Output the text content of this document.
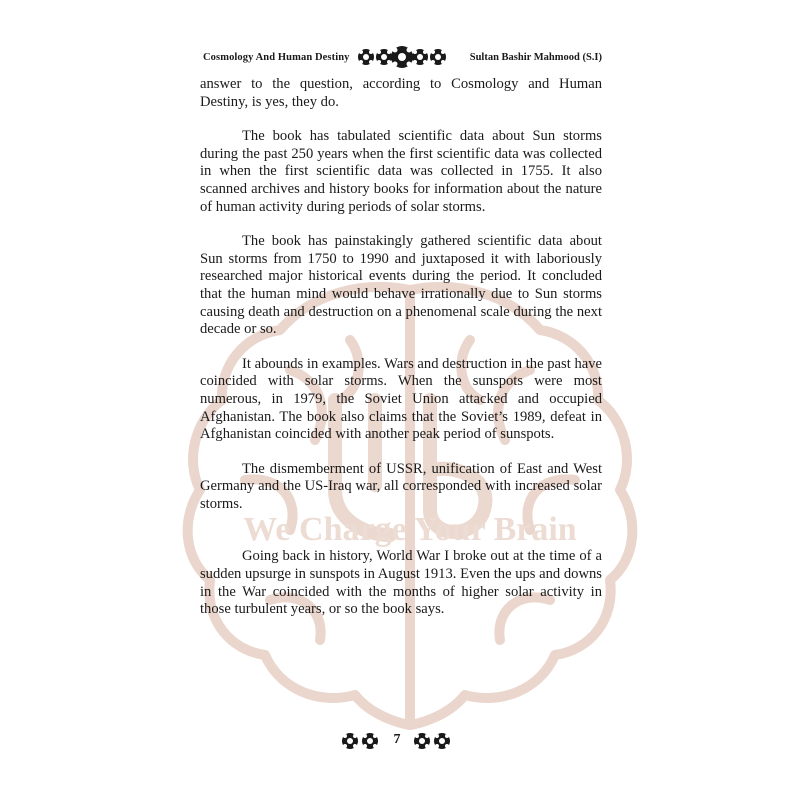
We Charge Your Brain
Cosmology And Human Destiny	Sultan Bashir Mahmood (S.I)

answer to the question, according to Cosmology and Human Destiny, is yes, they do.

The book has tabulated scientific data about Sun storms during the past 250 years when the first scientific data was collected in when the first scientific data was collected in 1755. It also scanned archives and history books for information about the nature of human activity during periods of solar storms.

The book has painstakingly gathered scientific data about Sun storms from 1750 to 1990 and juxtaposed it with laboriously researched major historical events during the period. It concluded that the human mind would behave irrationally due to Sun storms causing death and destruction on a phenomenal scale during the next decade or so.

It abounds in examples. Wars and destruction in the past have coincided with solar storms. When the sunspots were most numerous, in 1979, the Soviet Union attacked and occupied Afghanistan. The book also claims that the Soviet’s 1989, defeat in Afghanistan coincided with another peak period of sunspots.

The dismemberment of USSR, unification of East and West Germany and the US-Iraq war, all corresponded with increased solar storms.

Going back in history, World War I broke out at the time of a sudden upsurge in sunspots in August 1913. Even the ups and downs in the War coincided with the months of higher solar activity in those turbulent years, or so the book says.

7
